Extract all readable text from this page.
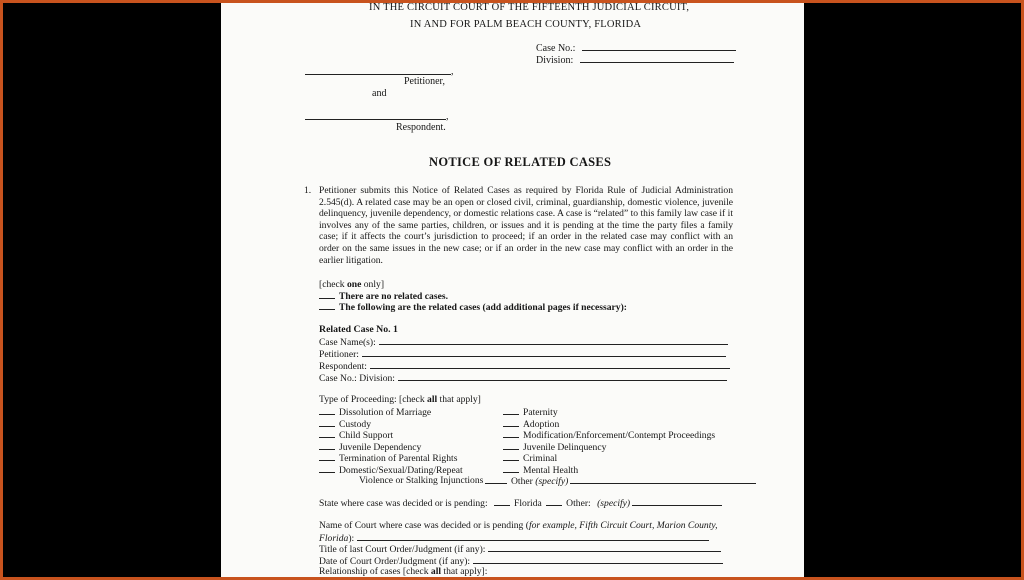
IN THE CIRCUIT COURT OF THE FIFTEENTH JUDICIAL CIRCUIT,
IN AND FOR PALM BEACH COUNTY, FLORIDA
Case No.:
Division:
,
Petitioner,
and
,
Respondent.
NOTICE OF RELATED CASES
1. Petitioner submits this Notice of Related Cases as required by Florida Rule of Judicial Administration 2.545(d). A related case may be an open or closed civil, criminal, guardianship, domestic violence, juvenile delinquency, juvenile dependency, or domestic relations case. A case is “related” to this family law case if it involves any of the same parties, children, or issues and it is pending at the time the party files a family case; if it affects the court’s jurisdiction to proceed; if an order in the related case may conflict with an order on the same issues in the new case; or if an order in the new case may conflict with an order in the earlier litigation.
[check one only]
There are no related cases.
The following are the related cases (add additional pages if necessary):
Related Case No. 1
Case Name(s):
Petitioner:
Respondent:
Case No.: Division:
Type of Proceeding: [check all that apply]
Dissolution of Marriage
Custody
Child Support
Juvenile Dependency
Termination of Parental Rights
Domestic/Sexual/Dating/Repeat
Violence or Stalking Injunctions
Paternity
Adoption
Modification/Enforcement/Contempt Proceedings
Juvenile Delinquency
Criminal
Mental Health
Other (specify)
State where case was decided or is pending:	Florida	Other: (specify)
Name of Court where case was decided or is pending (for example, Fifth Circuit Court, Marion County, Florida):
Title of last Court Order/Judgment (if any):
Date of Court Order/Judgment (if any):
Relationship of cases [check all that apply]:
